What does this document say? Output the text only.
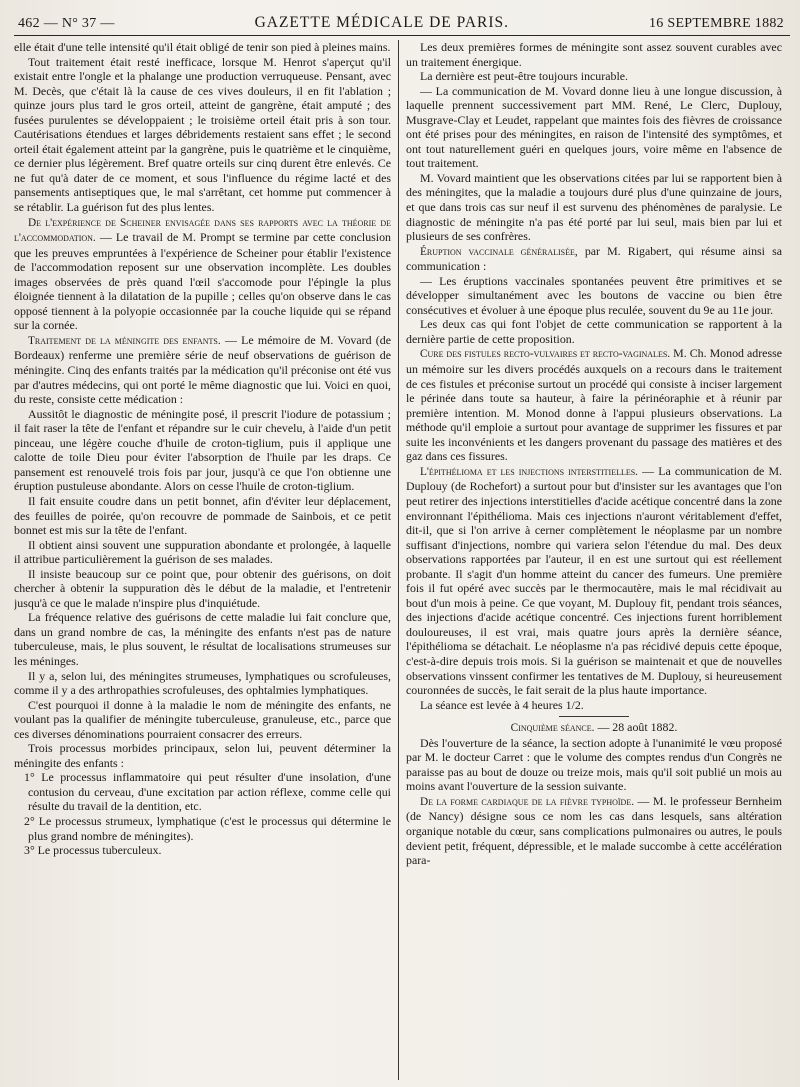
462 — N° 37 —	GAZETTE MÉDICALE DE PARIS.	16 SEPTEMBRE 1882

elle était d'une telle intensité qu'il était obligé de tenir son pied à pleines mains.

Tout traitement était resté inefficace, lorsque M. Henrot s'aperçut qu'il existait entre l'ongle et la phalange une production verruqueuse. Pensant, avec M. Decès, que c'était là la cause de ces vives douleurs, il en fit l'ablation ; quinze jours plus tard le gros orteil, atteint de gangrène, était amputé ; des fusées purulentes se développaient ; le troisième orteil était pris à son tour. Cautérisations étendues et larges débridements restaient sans effet ; le second orteil était également atteint par la gangrène, puis le quatrième et le cinquième, ce dernier plus légèrement. Bref quatre orteils sur cinq durent être enlevés. Ce ne fut qu'à dater de ce moment, et sous l'influence du régime lacté et des pansements antiseptiques que, le mal s'arrêtant, cet homme put commencer à se rétablir. La guérison fut des plus lentes.

De l'expérience de Scheiner envisagée dans ses rapports avec la théorie de l'accommodation. — Le travail de M. Prompt se termine par cette conclusion que les preuves empruntées à l'expérience de Scheiner pour établir l'existence de l'accommodation reposent sur une observation incomplète. Les doubles images observées de près quand l'œil s'accomode pour l'épingle la plus éloignée tiennent à la dilatation de la pupille ; celles qu'on observe dans le cas opposé tiennent à la polyopie occasionnée par la couche liquide qui se répand sur la cornée.

Traitement de la méningite des enfants. — Le mémoire de M. Vovard (de Bordeaux) renferme une première série de neuf observations de guérison de méningite. Cinq des enfants traités par la médication qu'il préconise ont été vus par d'autres médecins, qui ont porté le même diagnostic que lui. Voici en quoi, du reste, consiste cette médication :

Aussitôt le diagnostic de méningite posé, il prescrit l'iodure de potassium ; il fait raser la tête de l'enfant et répandre sur le cuir chevelu, à l'aide d'un petit pinceau, une légère couche d'huile de croton-tiglium, puis il applique une calotte de toile Dieu pour éviter l'absorption de l'huile par les draps. Ce pansement est renouvelé trois fois par jour, jusqu'à ce que l'on obtienne une éruption pustuleuse abondante. Alors on cesse l'huile de croton-tiglium.

Il fait ensuite coudre dans un petit bonnet, afin d'éviter leur déplacement, des feuilles de poirée, qu'on recouvre de pommade de Sainbois, et ce petit bonnet est mis sur la tête de l'enfant.

Il obtient ainsi souvent une suppuration abondante et prolongée, à laquelle il attribue particulièrement la guérison de ses malades.

Il insiste beaucoup sur ce point que, pour obtenir des guérisons, on doit chercher à obtenir la suppuration dès le début de la maladie, et l'entretenir jusqu'à ce que le malade n'inspire plus d'inquiétude.

La fréquence relative des guérisons de cette maladie lui fait conclure que, dans un grand nombre de cas, la méningite des enfants n'est pas de nature tuberculeuse, mais, le plus souvent, le résultat de localisations strumeuses sur les méninges.

Il y a, selon lui, des méningites strumeuses, lymphatiques ou scrofuleuses, comme il y a des arthropathies scrofuleuses, des ophtalmies lymphatiques.

C'est pourquoi il donne à la maladie le nom de méningite des enfants, ne voulant pas la qualifier de méningite tuberculeuse, granuleuse, etc., parce que ces diverses dénominations pourraient consacrer des erreurs.

Trois processus morbides principaux, selon lui, peuvent déterminer la méningite des enfants :

1° Le processus inflammatoire qui peut résulter d'une insolation, d'une contusion du cerveau, d'une excitation par action réflexe, comme celle qui résulte du travail de la dentition, etc.

2° Le processus strumeux, lymphatique (c'est le processus qui détermine le plus grand nombre de méningites).

3° Le processus tuberculeux.

Les deux premières formes de méningite sont assez souvent curables avec un traitement énergique.

La dernière est peut-être toujours incurable.

— La communication de M. Vovard donne lieu à une longue discussion, à laquelle prennent successivement part MM. René, Le Clerc, Duplouy, Musgrave-Clay et Leudet, rappelant que maintes fois des fièvres de croissance ont été prises pour des méningites, en raison de l'intensité des symptômes, et ont tout naturellement guéri en quelques jours, voire même en l'absence de tout traitement.

M. Vovard maintient que les observations citées par lui se rapportent bien à des méningites, que la maladie a toujours duré plus d'une quinzaine de jours, et que dans trois cas sur neuf il est survenu des phénomènes de paralysie. Le diagnostic de méningite n'a pas été porté par lui seul, mais bien par lui et plusieurs de ses confrères.

Éruption vaccinale généralisée, par M. Rigabert, qui résume ainsi sa communication :

— Les éruptions vaccinales spontanées peuvent être primitives et se développer simultanément avec les boutons de vaccine ou bien être consécutives et évoluer à une époque plus reculée, souvent du 9e au 11e jour.

Les deux cas qui font l'objet de cette communication se rapportent à la dernière partie de cette proposition.

Cure des fistules recto-vulvaires et recto-vaginales. M. Ch. Monod adresse un mémoire sur les divers procédés auxquels on a recours dans le traitement de ces fistules et préconise surtout un procédé qui consiste à inciser largement le périnée dans toute sa hauteur, à faire la périnéoraphie et à réunir par première intention. M. Monod donne à l'appui plusieurs observations. La méthode qu'il emploie a surtout pour avantage de supprimer les fissures et par suite les inconvénients et les dangers provenant du passage des matières et des gaz dans ces fissures.

L'épithélioma et les injections interstitielles. — La communication de M. Duplouy (de Rochefort) a surtout pour but d'insister sur les avantages que l'on peut retirer des injections interstitielles d'acide acétique concentré dans la zone environnant l'épithélioma. Mais ces injections n'auront véritablement d'effet, dit-il, que si l'on arrive à cerner complètement le néoplasme par un nombre suffisant d'injections, nombre qui variera selon l'étendue du mal. Des deux observations rapportées par l'auteur, il en est une surtout qui est réellement probante. Il s'agit d'un homme atteint du cancer des fumeurs. Une première fois il fut opéré avec succès par le thermocautère, mais le mal récidivait au bout d'un mois à peine. Ce que voyant, M. Duplouy fit, pendant trois séances, des injections d'acide acétique concentré. Ces injections furent horriblement douloureuses, il est vrai, mais quatre jours après la dernière séance, l'épithélioma se détachait. Le néoplasme n'a pas récidivé depuis cette époque, c'est-à-dire depuis trois mois. Si la guérison se maintenait et que de nouvelles observations vinssent confirmer les tentatives de M. Duplouy, si heureusement couronnées de succès, le fait serait de la plus haute importance.

La séance est levée à 4 heures 1/2.

Cinquième séance. — 28 août 1882.

Dès l'ouverture de la séance, la section adopte à l'unanimité le vœu proposé par M. le docteur Carret : que le volume des comptes rendus d'un Congrès ne paraisse pas au bout de douze ou treize mois, mais qu'il soit publié un mois au moins avant l'ouverture de la session suivante.

De la forme cardiaque de la fièvre typhoïde. — M. le professeur Bernheim (de Nancy) désigne sous ce nom les cas dans lesquels, sans altération organique notable du cœur, sans complications pulmonaires ou autres, le pouls devient petit, fréquent, dépressible, et le malade succombe à cette accélération para-
